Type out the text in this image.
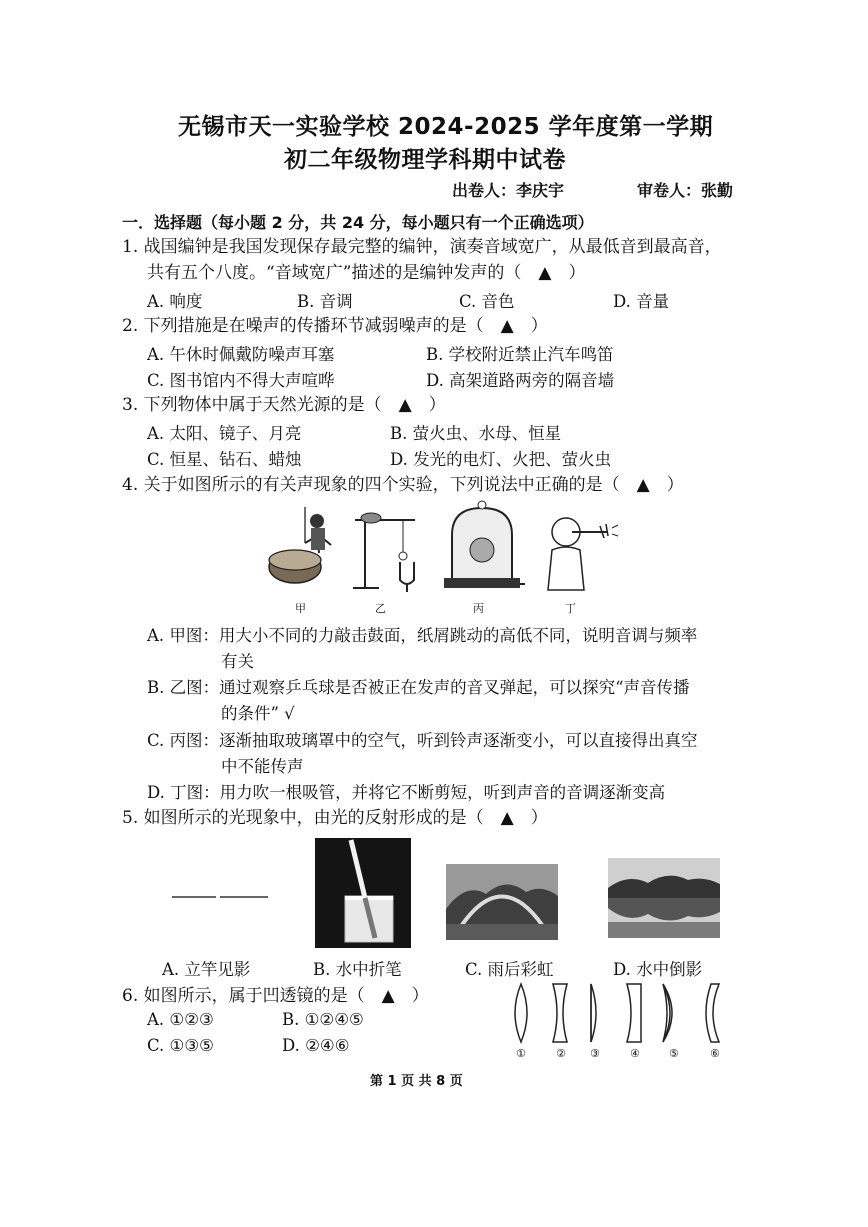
无锡市天一实验学校 2024-2025 学年度第一学期
初二年级物理学科期中试卷
出卷人：李庆宇	审卷人：张勤
一．选择题（每小题 2 分，共 24 分，每小题只有一个正确选项）
1. 战国编钟是我国发现保存最完整的编钟，演奏音域宽广，从最低音到最高音，
共有五个八度。“音域宽广”描述的是编钟发声的（　▲　）
A. 响度	B. 音调	C. 音色	D. 音量
2. 下列措施是在噪声的传播环节减弱噪声的是（　▲　）
A. 午休时佩戴防噪声耳塞	B. 学校附近禁止汽车鸣笛
C. 图书馆内不得大声喧哗	D. 高架道路两旁的隔音墙
3. 下列物体中属于天然光源的是（　▲　）
A. 太阳、镜子、月亮	B. 萤火虫、水母、恒星
C. 恒星、钻石、蜡烛	D. 发光的电灯、火把、萤火虫
4. 关于如图所示的有关声现象的四个实验，下列说法中正确的是（　▲　）
甲	乙	丙	丁
A. 甲图：用大小不同的力敲击鼓面，纸屑跳动的高低不同，说明音调与频率
有关
B. 乙图：通过观察乒乓球是否被正在发声的音叉弹起，可以探究“声音传播
的条件” √
C. 丙图：逐渐抽取玻璃罩中的空气，听到铃声逐渐变小，可以直接得出真空
中不能传声
D. 丁图：用力吹一根吸管，并将它不断剪短，听到声音的音调逐渐变高
5. 如图所示的光现象中，由光的反射形成的是（　▲　）
A. 立竿见影	B. 水中折笔	C. 雨后彩虹	D. 水中倒影
6. 如图所示，属于凹透镜的是（　▲　）
A. ①②③	B. ①②④⑤
C. ①③⑤	D. ②④⑥	①	② ③	④	⑤	⑥
第 1 页 共 8 页
